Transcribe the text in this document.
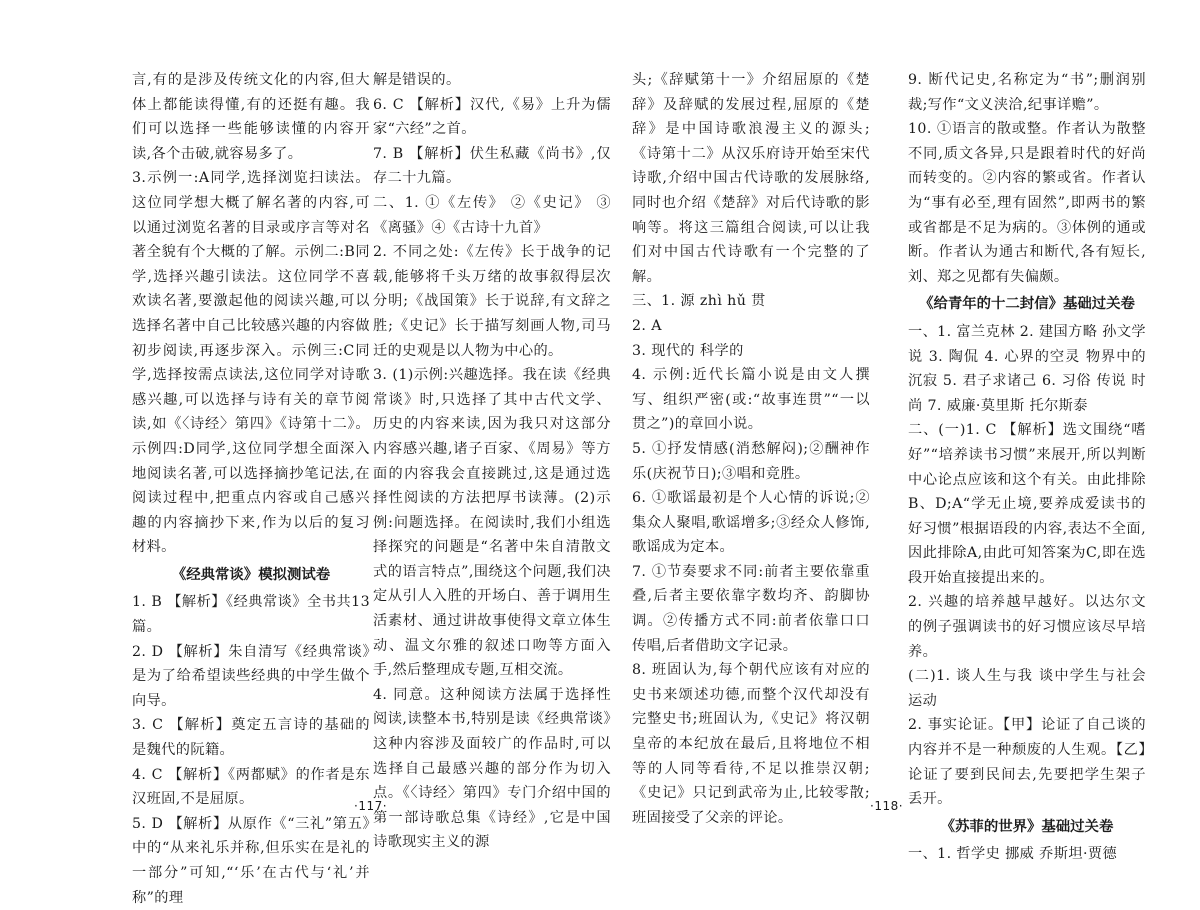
言,有的是涉及传统文化的内容,但大体上都能读得懂,有的还挺有趣。我们可以选择一些能够读懂的内容开读,各个击破,就容易多了。

3.示例一:A同学,选择浏览扫读法。这位同学想大概了解名著的内容,可以通过浏览名著的目录或序言等对名著全貌有个大概的了解。示例二:B同学,选择兴趣引读法。这位同学不喜欢读名著,要激起他的阅读兴趣,可以选择名著中自己比较感兴趣的内容做初步阅读,再逐步深入。示例三:C同学,选择按需点读法,这位同学对诗歌感兴趣,可以选择与诗有关的章节阅读,如《〈诗经〉第四》《诗第十二》。示例四:D同学,这位同学想全面深入地阅读名著,可以选择摘抄笔记法,在阅读过程中,把重点内容或自己感兴趣的内容摘抄下来,作为以后的复习材料。

《经典常谈》模拟测试卷

1. B 【解析】《经典常谈》全书共13篇。

2. D 【解析】朱自清写《经典常谈》是为了给希望读些经典的中学生做个向导。

3. C 【解析】奠定五言诗的基础的是魏代的阮籍。

4. C 【解析】《两都赋》的作者是东汉班固,不是屈原。

5. D 【解析】从原作《“三礼”第五》中的“从来礼乐并称,但乐实在是礼的一部分”可知,“‘乐’在古代与‘礼’并称”的理

解是错误的。

6. C 【解析】汉代,《易》上升为儒家“六经”之首。

7. B 【解析】伏生私藏《尚书》,仅存二十九篇。

二、1. ①《左传》 ②《史记》 ③《离骚》④《古诗十九首》

2. 不同之处:《左传》长于战争的记载,能够将千头万绪的故事叙得层次分明;《战国策》长于说辞,有文辞之胜;《史记》长于描写刻画人物,司马迁的史观是以人物为中心的。

3. (1)示例:兴趣选择。我在读《经典常谈》时,只选择了其中古代文学、历史的内容来读,因为我只对这部分内容感兴趣,诸子百家、《周易》等方面的内容我会直接跳过,这是通过选择性阅读的方法把厚书读薄。(2)示例:问题选择。在阅读时,我们小组选择探究的问题是“名著中朱自清散文式的语言特点”,围绕这个问题,我们决定从引人入胜的开场白、善于调用生活素材、通过讲故事使得文章立体生动、温文尔雅的叙述口吻等方面入手,然后整理成专题,互相交流。

4. 同意。这种阅读方法属于选择性阅读,读整本书,特别是读《经典常谈》这种内容涉及面较广的作品时,可以选择自己最感兴趣的部分作为切入点。《〈诗经〉第四》专门介绍中国的第一部诗歌总集《诗经》,它是中国诗歌现实主义的源

·117·

头;《辞赋第十一》介绍屈原的《楚辞》及辞赋的发展过程,屈原的《楚辞》是中国诗歌浪漫主义的源头;《诗第十二》从汉乐府诗开始至宋代诗歌,介绍中国古代诗歌的发展脉络,同时也介绍《楚辞》对后代诗歌的影响等。将这三篇组合阅读,可以让我们对中国古代诗歌有一个完整的了解。

三、1. 源 zhì hǔ 贯

2. A

3. 现代的 科学的

4. 示例:近代长篇小说是由文人撰写、组织严密(或:“故事连贯”“一以贯之”)的章回小说。

5. ①抒发情感(消愁解闷);②酬神作乐(庆祝节日);③唱和竞胜。

6. ①歌谣最初是个人心情的诉说;②集众人聚唱,歌谣增多;③经众人修饰,歌谣成为定本。

7. ①节奏要求不同:前者主要依靠重叠,后者主要依靠字数均齐、韵脚协调。②传播方式不同:前者依靠口口传唱,后者借助文字记录。

8. 班固认为,每个朝代应该有对应的史书来颂述功德,而整个汉代却没有完整史书;班固认为,《史记》将汉朝皇帝的本纪放在最后,且将地位不相等的人同等看待,不足以推崇汉朝;《史记》只记到武帝为止,比较零散;班固接受了父亲的评论。

9. 断代记史,名称定为“书”;删润别裁;写作“文义浃洽,纪事详赡”。

10. ①语言的散或整。作者认为散整不同,质文各异,只是跟着时代的好尚而转变的。②内容的繁或省。作者认为“事有必至,理有固然”,即两书的繁或省都是不足为病的。③体例的通或断。作者认为通古和断代,各有短长,刘、郑之见都有失偏颇。

《给青年的十二封信》基础过关卷

一、1. 富兰克林 2. 建国方略 孙文学说 3. 陶侃 4. 心界的空灵 物界中的沉寂 5. 君子求诸己 6. 习俗 传说 时尚 7. 威廉·莫里斯 托尔斯泰

二、(一)1. C 【解析】选文围绕“嗜好”“培养读书习惯”来展开,所以判断中心论点应该和这个有关。由此排除B、D;A“学无止境,要养成爱读书的好习惯”根据语段的内容,表达不全面,因此排除A,由此可知答案为C,即在选段开始直接提出来的。

2. 兴趣的培养越早越好。以达尔文的例子强调读书的好习惯应该尽早培养。

(二)1. 谈人生与我 谈中学生与社会运动

2. 事实论证。【甲】论证了自己谈的内容并不是一种颓废的人生观。【乙】论证了要到民间去,先要把学生架子丢开。

《苏菲的世界》基础过关卷

一、1. 哲学史 挪威 乔斯坦·贾德

·118·
